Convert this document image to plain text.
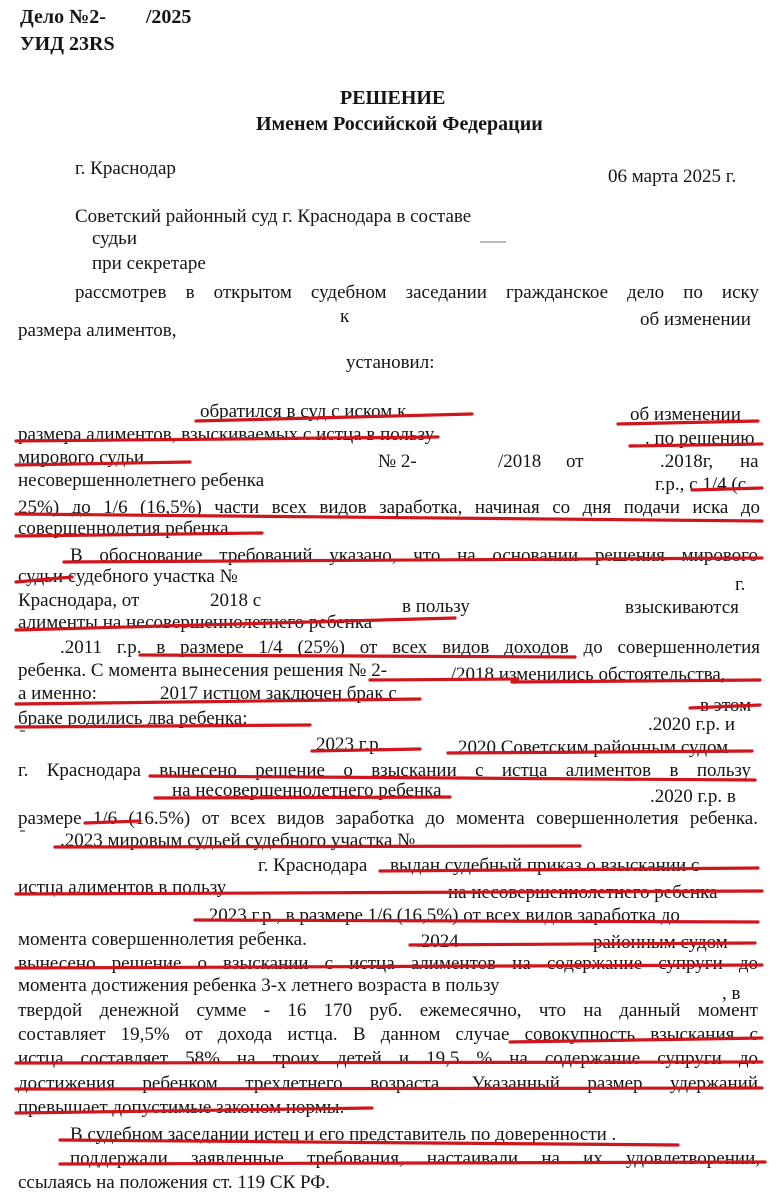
Дело №2- /2025
УИД 23RS
РЕШЕНИЕ
Именем Российской Федерации
г. Краснодар	06 марта 2025 г.
Советский районный суд г. Краснодара в составе
судьи
при секретаре
рассмотрев в открытом судебном заседании гражданское дело по иску
к	об изменении
размера алиментов,
установил:
обратился в суд с иском к	об изменении
размера алиментов, взыскиваемых с истца в пользу	. по решению
мирового судьи	№ 2-	/2018 от	.2018г, на
несовершеннолетнего ребенка	г.р., с 1/4 (с
25%) до 1/6 (16,5%) части всех видов заработка, начиная со дня подачи иска до
совершеннолетия ребенка.
В обоснование требований указано, что на основании решения мирового
судьи судебного участка №	г.
Краснодара, от	2018 с	в пользу	взыскиваются
алименты на несовершеннолетнего ребенка
.2011 г.р. в размере 1/4 (25%) от всех видов доходов до совершеннолетия
ребенка. С момента вынесения решения № 2-	./2018 изменились обстоятельства,
а именно:	2017 истцом заключен брак с
в этом
браке родились два ребенка:	.2020 г.р. и
2023 г.р.	2020 Советским районным судом
г. Краснодара вынесено решение о взыскании с истца алиментов в пользу
на несовершеннолетнего ребенка	.2020 г.р. в
размере 1/6 (16.5%) от всех видов заработка до момента совершеннолетия ребенка.
.2023 мировым судьей судебного участка №
г. Краснодара выдан судебный приказ о взыскании с
истца алиментов в пользу	на несовершеннолетнего ребенка
.2023 г.р., в размере 1/6 (16,5%) от всех видов заработка до
момента совершеннолетия ребенка.	.2024	районным судом
вынесено решение о взыскании с истца алиментов на содержание супруги до
момента достижения ребенка 3-х летнего возраста в пользу	, в
твердой денежной сумме - 16 170 руб. ежемесячно, что на данный момент
составляет 19,5% от дохода истца. В данном случае совокупность взыскания с
истца составляет 58% на троих детей и 19,5 % на содержание супруги до
достижения ребенком трехлетнего возраста. Указанный размер удержаний
превышает допустимые законом нормы.
В судебном заседании истец и его представитель по доверенности .
поддержали заявленные требования, настаивали на их удовлетворении,
ссылаясь на положения ст. 119 СК РФ.
